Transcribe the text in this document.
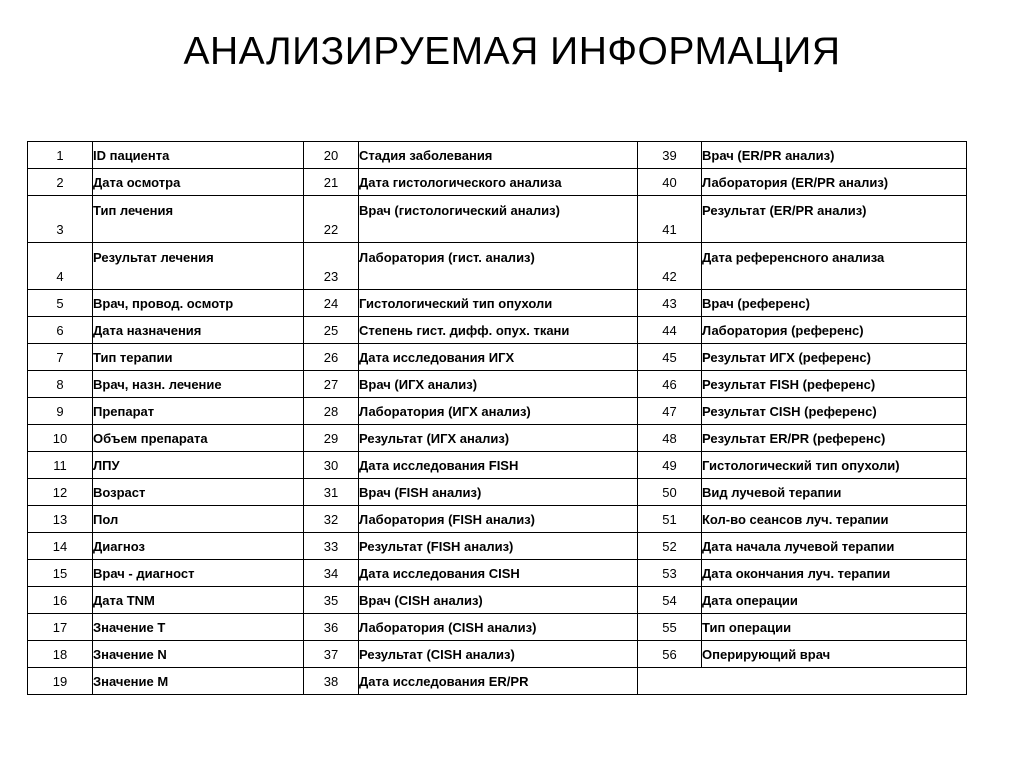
АНАЛИЗИРУЕМАЯ ИНФОРМАЦИЯ
1	ID пациента	20	Стадия заболевания	39	Врач (ER/PR анализ)
2	Дата осмотра	21	Дата гистологического анализа	40	Лаборатория (ER/PR анализ)
3	Тип лечения	22	Врач (гистологический анализ)	41	Результат (ER/PR анализ)
4	Результат лечения	23	Лаборатория (гист. анализ)	42	Дата референсного анализа
5	Врач, провод. осмотр	24	Гистологический тип опухоли	43	Врач (референс)
6	Дата назначения	25	Степень гист. дифф. опух. ткани	44	Лаборатория (референс)
7	Тип терапии	26	Дата исследования ИГХ	45	Результат ИГХ (референс)
8	Врач, назн. лечение	27	Врач (ИГХ анализ)	46	Результат FISH (референс)
9	Препарат	28	Лаборатория (ИГХ анализ)	47	Результат CISH (референс)
10	Объем препарата	29	Результат (ИГХ анализ)	48	Результат ER/PR (референс)
11	ЛПУ	30	Дата исследования FISH	49	Гистологический тип опухоли)
12	Возраст	31	Врач (FISH анализ)	50	Вид лучевой терапии
13	Пол	32	Лаборатория (FISH анализ)	51	Кол-во сеансов луч. терапии
14	Диагноз	33	Результат (FISH анализ)	52	Дата начала лучевой терапии
15	Врач - диагност	34	Дата исследования CISH	53	Дата окончания луч. терапии
16	Дата TNM	35	Врач (CISH анализ)	54	Дата операции
17	Значение T	36	Лаборатория (CISH анализ)	55	Тип операции
18	Значение N	37	Результат (CISH анализ)	56	Оперирующий врач
19	Значение M	38	Дата исследования ER/PR		
